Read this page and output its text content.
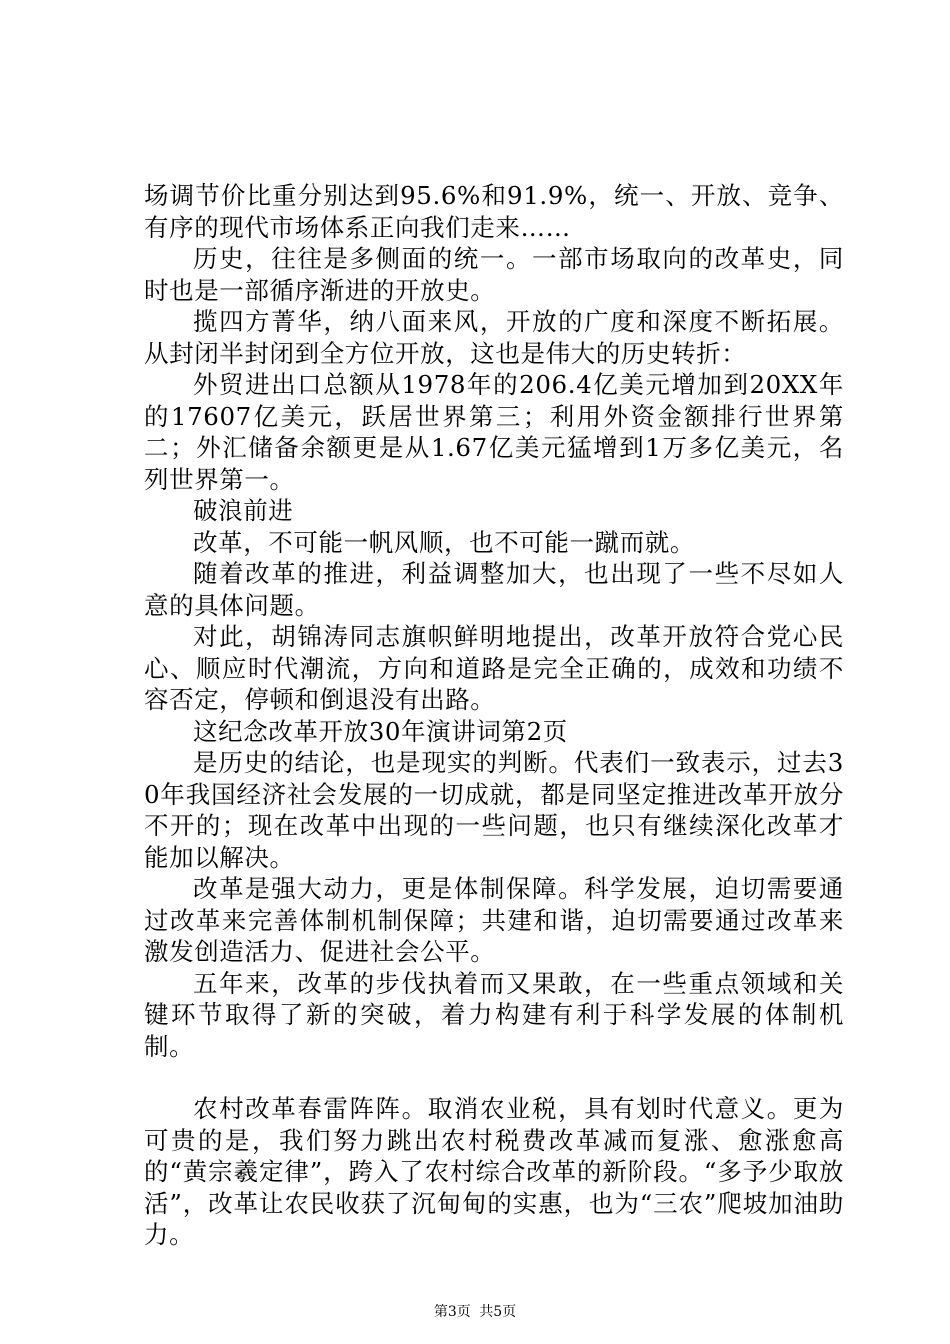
场调节价比重分别达到95.6%和91.9%，统一、开放、竞争、有序的现代市场体系正向我们走来……

历史，往往是多侧面的统一。一部市场取向的改革史，同时也是一部循序渐进的开放史。

揽四方菁华，纳八面来风，开放的广度和深度不断拓展。从封闭半封闭到全方位开放，这也是伟大的历史转折：

外贸进出口总额从1978年的206.4亿美元增加到20XX年的17607亿美元，跃居世界第三；利用外资金额排行世界第二；外汇储备余额更是从1.67亿美元猛增到1万多亿美元，名列世界第一。

破浪前进

改革，不可能一帆风顺，也不可能一蹴而就。

随着改革的推进，利益调整加大，也出现了一些不尽如人意的具体问题。

对此，胡锦涛同志旗帜鲜明地提出，改革开放符合党心民心、顺应时代潮流，方向和道路是完全正确的，成效和功绩不容否定，停顿和倒退没有出路。

这纪念改革开放30年演讲词第2页

是历史的结论，也是现实的判断。代表们一致表示，过去30年我国经济社会发展的一切成就，都是同坚定推进改革开放分不开的；现在改革中出现的一些问题，也只有继续深化改革才能加以解决。

改革是强大动力，更是体制保障。科学发展，迫切需要通过改革来完善体制机制保障；共建和谐，迫切需要通过改革来激发创造活力、促进社会公平。

五年来，改革的步伐执着而又果敢，在一些重点领域和关键环节取得了新的突破，着力构建有利于科学发展的体制机制。

农村改革春雷阵阵。取消农业税，具有划时代意义。更为可贵的是，我们努力跳出农村税费改革减而复涨、愈涨愈高的“黄宗羲定律”，跨入了农村综合改革的新阶段。“多予少取放活”，改革让农民收获了沉甸甸的实惠，也为“三农”爬坡加油助力。

第3页 共5页
